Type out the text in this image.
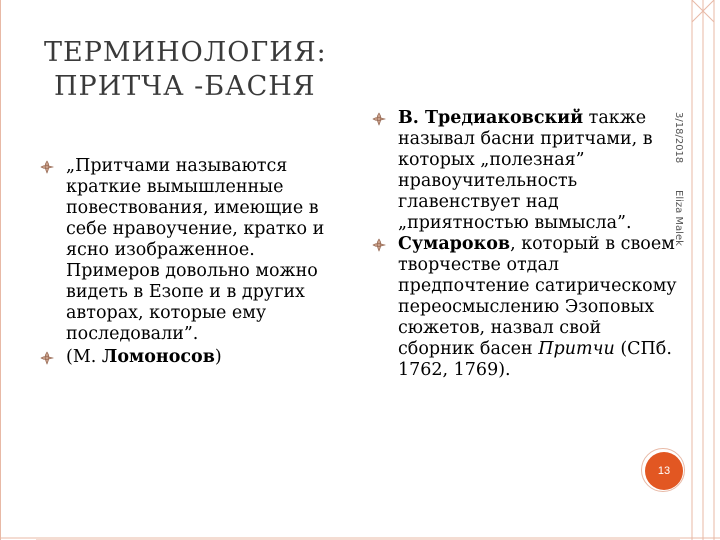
ТЕРМИНОЛОГИЯ:
ПРИТЧА -БАСНЯ
„Притчами называются краткие вымышленные повествования, имеющие в себе нравоучение, кратко и ясно изображенное. Примеров довольно можно видеть в Езопе и в других авторах, которые ему последовали”.
(М. Ломоносов)
В. Тредиаковский также называл басни притчами, в которых „полезная” нравоучительность главенствует над „приятностью вымысла”.
Сумароков, который в своем творчестве отдал предпочтение сатирическому переосмыслению Эзоповых сюжетов, назвал свой сборник басен Притчи (СПб. 1762, 1769).
3/18/2018
Eliza Malek
13
